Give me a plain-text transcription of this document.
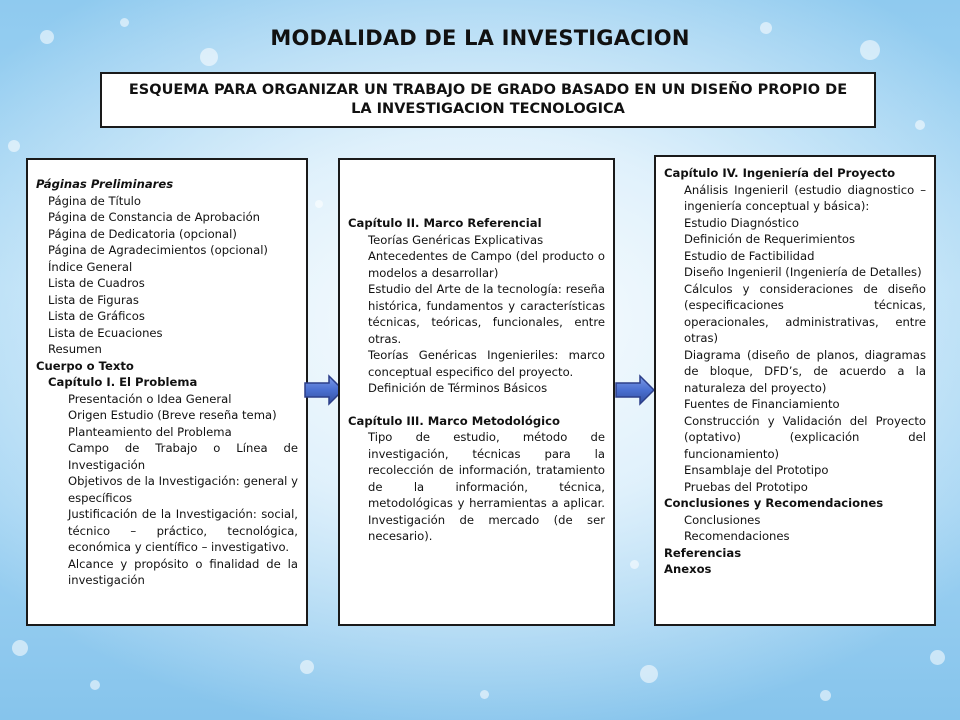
MODALIDAD DE LA INVESTIGACION
ESQUEMA PARA ORGANIZAR UN TRABAJO DE GRADO BASADO EN UN DISEÑO PROPIO DE
LA INVESTIGACION TECNOLOGICA
Páginas Preliminares
Página de Título
Página de Constancia de Aprobación
Página de Dedicatoria (opcional)
Página de Agradecimientos (opcional)
Índice General
Lista de Cuadros
Lista de Figuras
Lista de Gráficos
Lista de Ecuaciones
Resumen
Cuerpo o Texto
Capítulo I. El Problema
Presentación o Idea General
Origen Estudio (Breve reseña tema)
Planteamiento del Problema
Campo de Trabajo o Línea de Investigación
Objetivos de la Investigación: general y específicos
Justificación de la Investigación: social, técnico – práctico, tecnológica, económica y científico – investigativo.
Alcance y propósito o finalidad de la investigación
Capítulo II. Marco Referencial
Teorías Genéricas Explicativas
Antecedentes de Campo (del producto o modelos a desarrollar)
Estudio del Arte de la tecnología: reseña histórica, fundamentos y características técnicas, teóricas, funcionales, entre otras.
Teorías Genéricas Ingenieriles: marco conceptual especifico del proyecto.
Definición de Términos Básicos
Capítulo III. Marco Metodológico
Tipo de estudio, método de investigación, técnicas para la recolección de información, tratamiento de la información, técnica, metodológicas y herramientas a aplicar. Investigación de mercado (de ser necesario).
Capítulo IV. Ingeniería del Proyecto
Análisis Ingenieril (estudio diagnostico – ingeniería conceptual y básica):
Estudio Diagnóstico
Definición de Requerimientos
Estudio de Factibilidad
Diseño Ingenieril (Ingeniería de Detalles)
Cálculos y consideraciones de diseño (especificaciones técnicas, operacionales, administrativas, entre otras)
Diagrama (diseño de planos, diagramas de bloque, DFD’s, de acuerdo a la naturaleza del proyecto)
Fuentes de Financiamiento
Construcción y Validación del Proyecto (optativo) (explicación del funcionamiento)
Ensamblaje del Prototipo
Pruebas del Prototipo
Conclusiones y Recomendaciones
Conclusiones
Recomendaciones
Referencias
Anexos
